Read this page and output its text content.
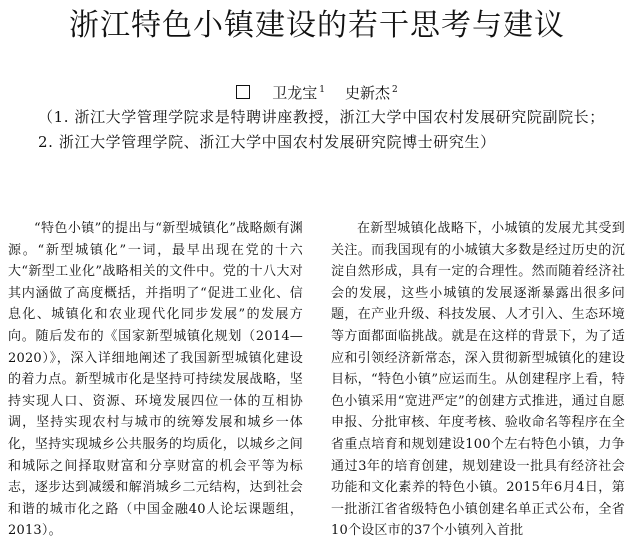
浙江特色小镇建设的若干思考与建议
卫龙宝 $^1$ 史新杰 $^2$
（1. 浙江大学管理学院求是特聘讲座教授，浙江大学中国农村发展研究院副院长；2. 浙江大学管理学院、浙江大学中国农村发展研究院博士研究生）
“特色小镇”的提出与“新型城镇化”战略颇有渊源。“新型城镇化”一词，最早出现在党的十六大“新型工业化”战略相关的文件中。党的十八大对其内涵做了高度概括，并指明了“促进工业化、信息化、城镇化和农业现代化同步发展”的发展方向。随后发布的《国家新型城镇化规划（2014—2020）》，深入详细地阐述了我国新型城镇化建设的着力点。新型城市化是坚持可持续发展战略，坚持实现人口、资源、环境发展四位一体的互相协调，坚持实现农村与城市的统筹发展和城乡一体化，坚持实现城乡公共服务的均质化，以城乡之间和城际之间择取财富和分享财富的机会平等为标志，逐步达到减缓和解消城乡二元结构，达到社会和谐的城市化之路（中国金融40人论坛课题组，2013）。
在新型城镇化战略下，小城镇的发展尤其受到关注。而我国现有的小城镇大多数是经过历史的沉淀自然形成，具有一定的合理性。然而随着经济社会的发展，这些小城镇的发展逐渐暴露出很多问题，在产业升级、科技发展、人才引入、生态环境等方面都面临挑战。就是在这样的背景下，为了适应和引领经济新常态，深入贯彻新型城镇化的建设目标，“特色小镇”应运而生。从创建程序上看，特色小镇采用“宽进严定”的创建方式推进，通过自愿申报、分批审核、年度考核、验收命名等程序在全省重点培育和规划建设100个左右特色小镇，力争通过3年的培育创建，规划建设一批具有经济社会功能和文化素养的特色小镇。2015年6月4日，第一批浙江省省级特色小镇创建名单正式公布，全省10个设区市的37个小镇列入首批
